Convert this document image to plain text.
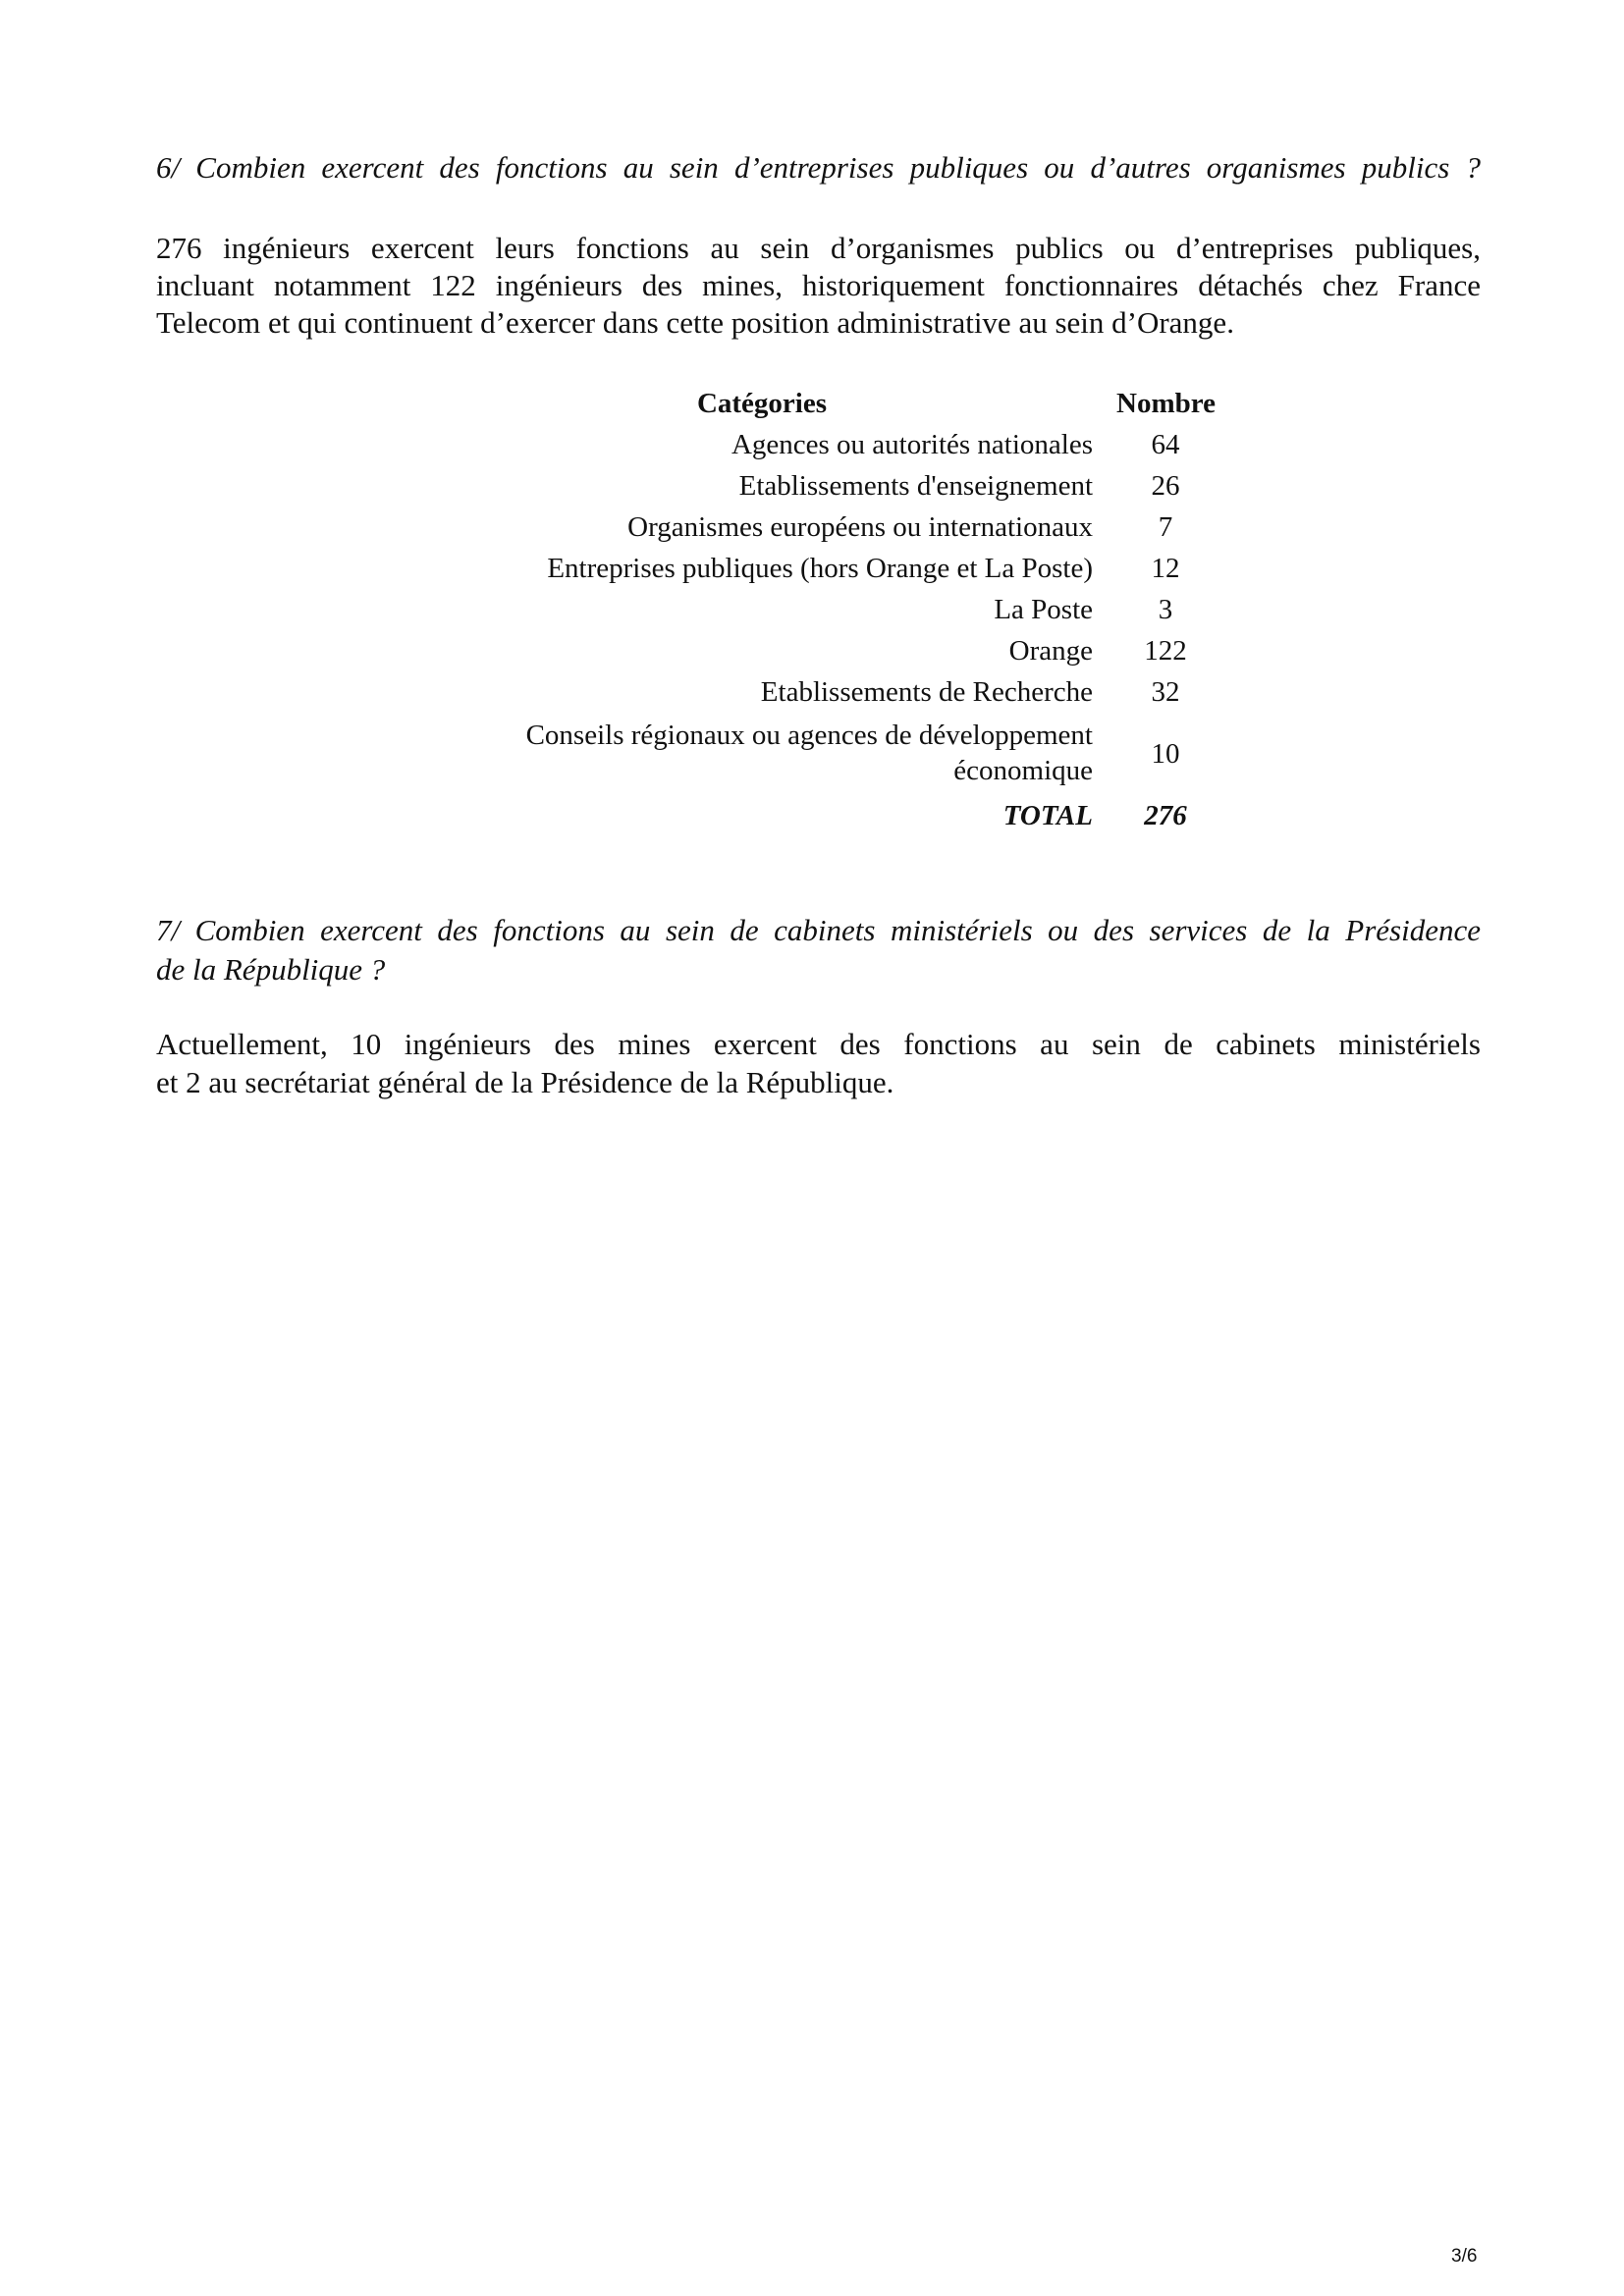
6/ Combien exercent des fonctions au sein d’entreprises publiques ou d’autres organismes publics ?
276 ingénieurs exercent leurs fonctions au sein d’organismes publics ou d’entreprises publiques,
incluant notamment 122 ingénieurs des mines, historiquement fonctionnaires détachés chez France
Telecom et qui continuent d’exercer dans cette position administrative au sein d’Orange.
Catégories	Nombre
Agences ou autorités nationales	64
Etablissements d'enseignement	26
Organismes européens ou internationaux	7
Entreprises publiques (hors Orange et La Poste)	12
La Poste	3
Orange	122
Etablissements de Recherche	32
Conseils régionaux ou agences de développement
économique
10
TOTAL	276
7/ Combien exercent des fonctions au sein de cabinets ministériels ou des services de la Présidence
de la République ?
Actuellement, 10 ingénieurs des mines exercent des fonctions au sein de cabinets ministériels
et 2 au secrétariat général de la Présidence de la République.
3/6
